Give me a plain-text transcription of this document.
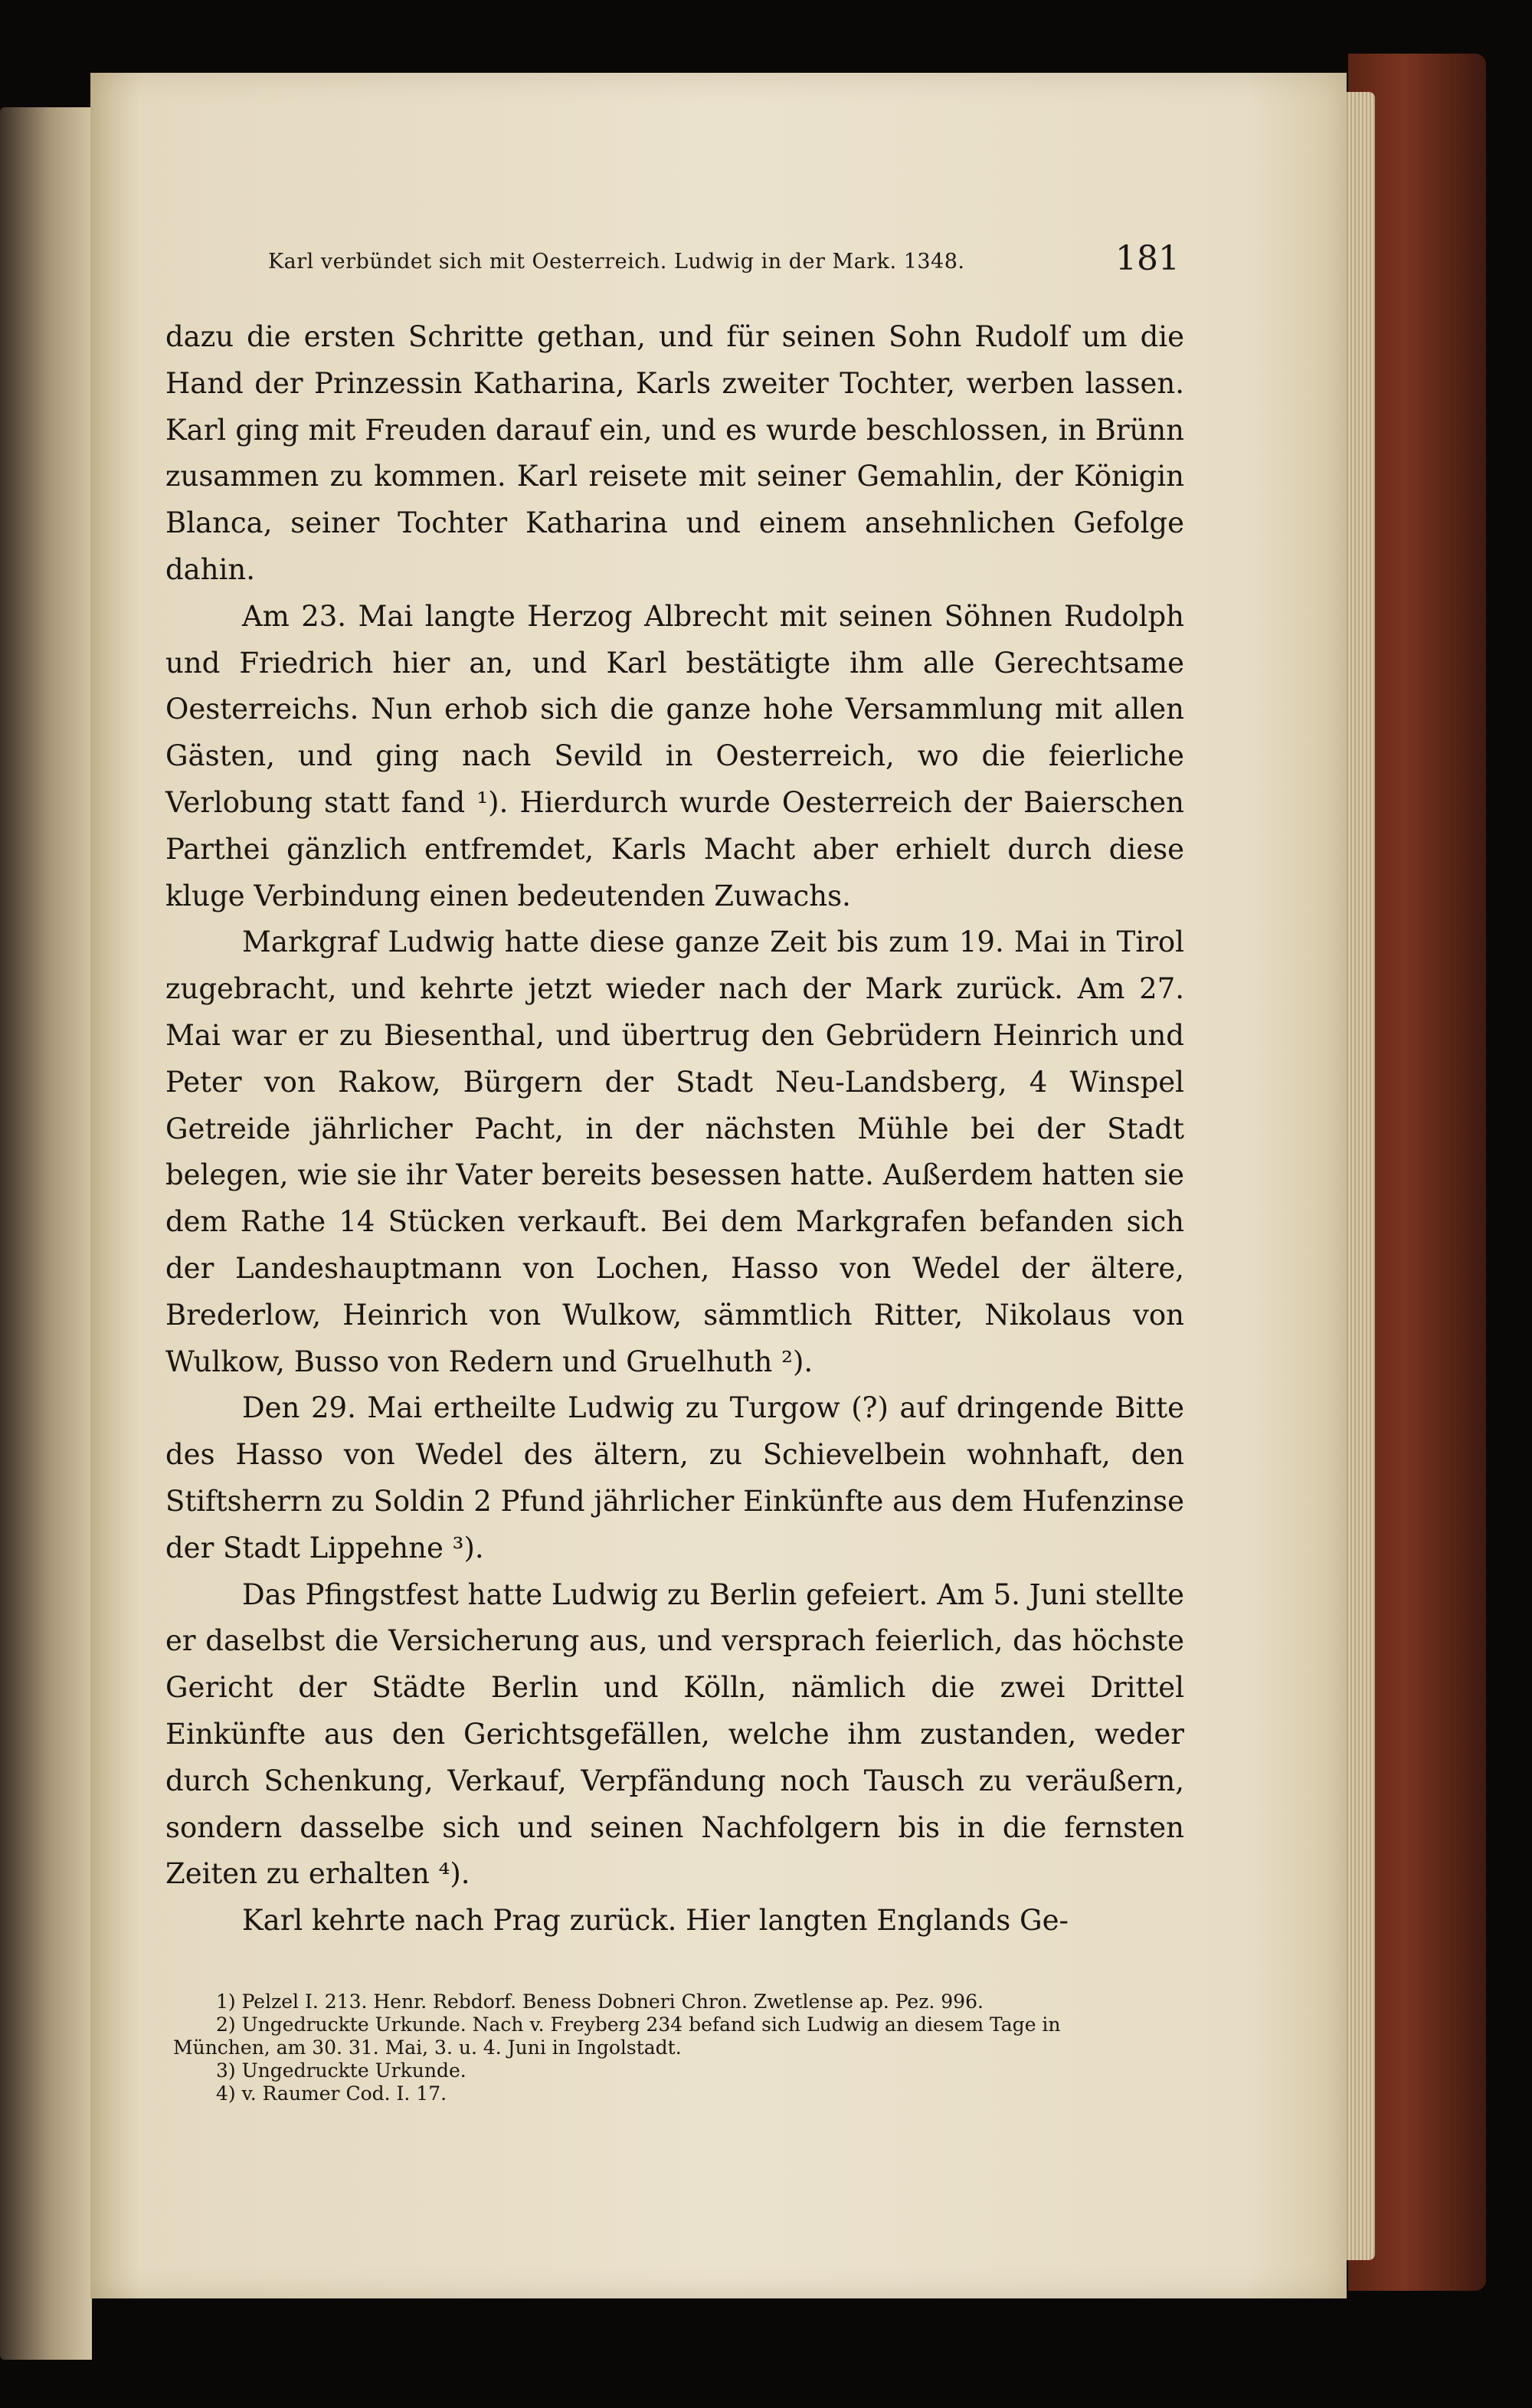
Karl verbündet sich mit Oesterreich. Ludwig in der Mark. 1348.	181

dazu die ersten Schritte gethan, und für seinen Sohn Rudolf um die Hand der Prinzessin Katharina, Karls zweiter Tochter, werben lassen. Karl ging mit Freuden darauf ein, und es wurde beschlossen, in Brünn zusammen zu kommen. Karl reisete mit seiner Gemahlin, der Königin Blanca, seiner Tochter Katharina und einem ansehnlichen Gefolge dahin.

Am 23. Mai langte Herzog Albrecht mit seinen Söhnen Rudolph und Friedrich hier an, und Karl bestätigte ihm alle Gerechtsame Oesterreichs. Nun erhob sich die ganze hohe Versammlung mit allen Gästen, und ging nach Sevild in Oesterreich, wo die feierliche Verlobung statt fand ¹). Hierdurch wurde Oesterreich der Baierschen Parthei gänzlich entfremdet, Karls Macht aber erhielt durch diese kluge Verbindung einen bedeutenden Zuwachs.

Markgraf Ludwig hatte diese ganze Zeit bis zum 19. Mai in Tirol zugebracht, und kehrte jetzt wieder nach der Mark zurück. Am 27. Mai war er zu Biesenthal, und übertrug den Gebrüdern Heinrich und Peter von Rakow, Bürgern der Stadt Neu-Landsberg, 4 Winspel Getreide jährlicher Pacht, in der nächsten Mühle bei der Stadt belegen, wie sie ihr Vater bereits besessen hatte. Außerdem hatten sie dem Rathe 14 Stücken verkauft. Bei dem Markgrafen befanden sich der Landeshauptmann von Lochen, Hasso von Wedel der ältere, Brederlow, Heinrich von Wulkow, sämmtlich Ritter, Nikolaus von Wulkow, Busso von Redern und Gruelhuth ²).

Den 29. Mai ertheilte Ludwig zu Turgow (?) auf dringende Bitte des Hasso von Wedel des ältern, zu Schievelbein wohnhaft, den Stiftsherrn zu Soldin 2 Pfund jährlicher Einkünfte aus dem Hufenzinse der Stadt Lippehne ³).

Das Pfingstfest hatte Ludwig zu Berlin gefeiert. Am 5. Juni stellte er daselbst die Versicherung aus, und versprach feierlich, das höchste Gericht der Städte Berlin und Kölln, nämlich die zwei Drittel Einkünfte aus den Gerichtsgefällen, welche ihm zustanden, weder durch Schenkung, Verkauf, Verpfändung noch Tausch zu veräußern, sondern dasselbe sich und seinen Nachfolgern bis in die fernsten Zeiten zu erhalten ⁴).

Karl kehrte nach Prag zurück. Hier langten Englands Ge-

1) Pelzel I. 213. Henr. Rebdorf. Beness Dobneri Chron. Zwetlense ap. Pez. 996.

2) Ungedruckte Urkunde. Nach v. Freyberg 234 befand sich Ludwig an diesem Tage in

München, am 30. 31. Mai, 3. u. 4. Juni in Ingolstadt.

3) Ungedruckte Urkunde.

4) v. Raumer Cod. I. 17.
